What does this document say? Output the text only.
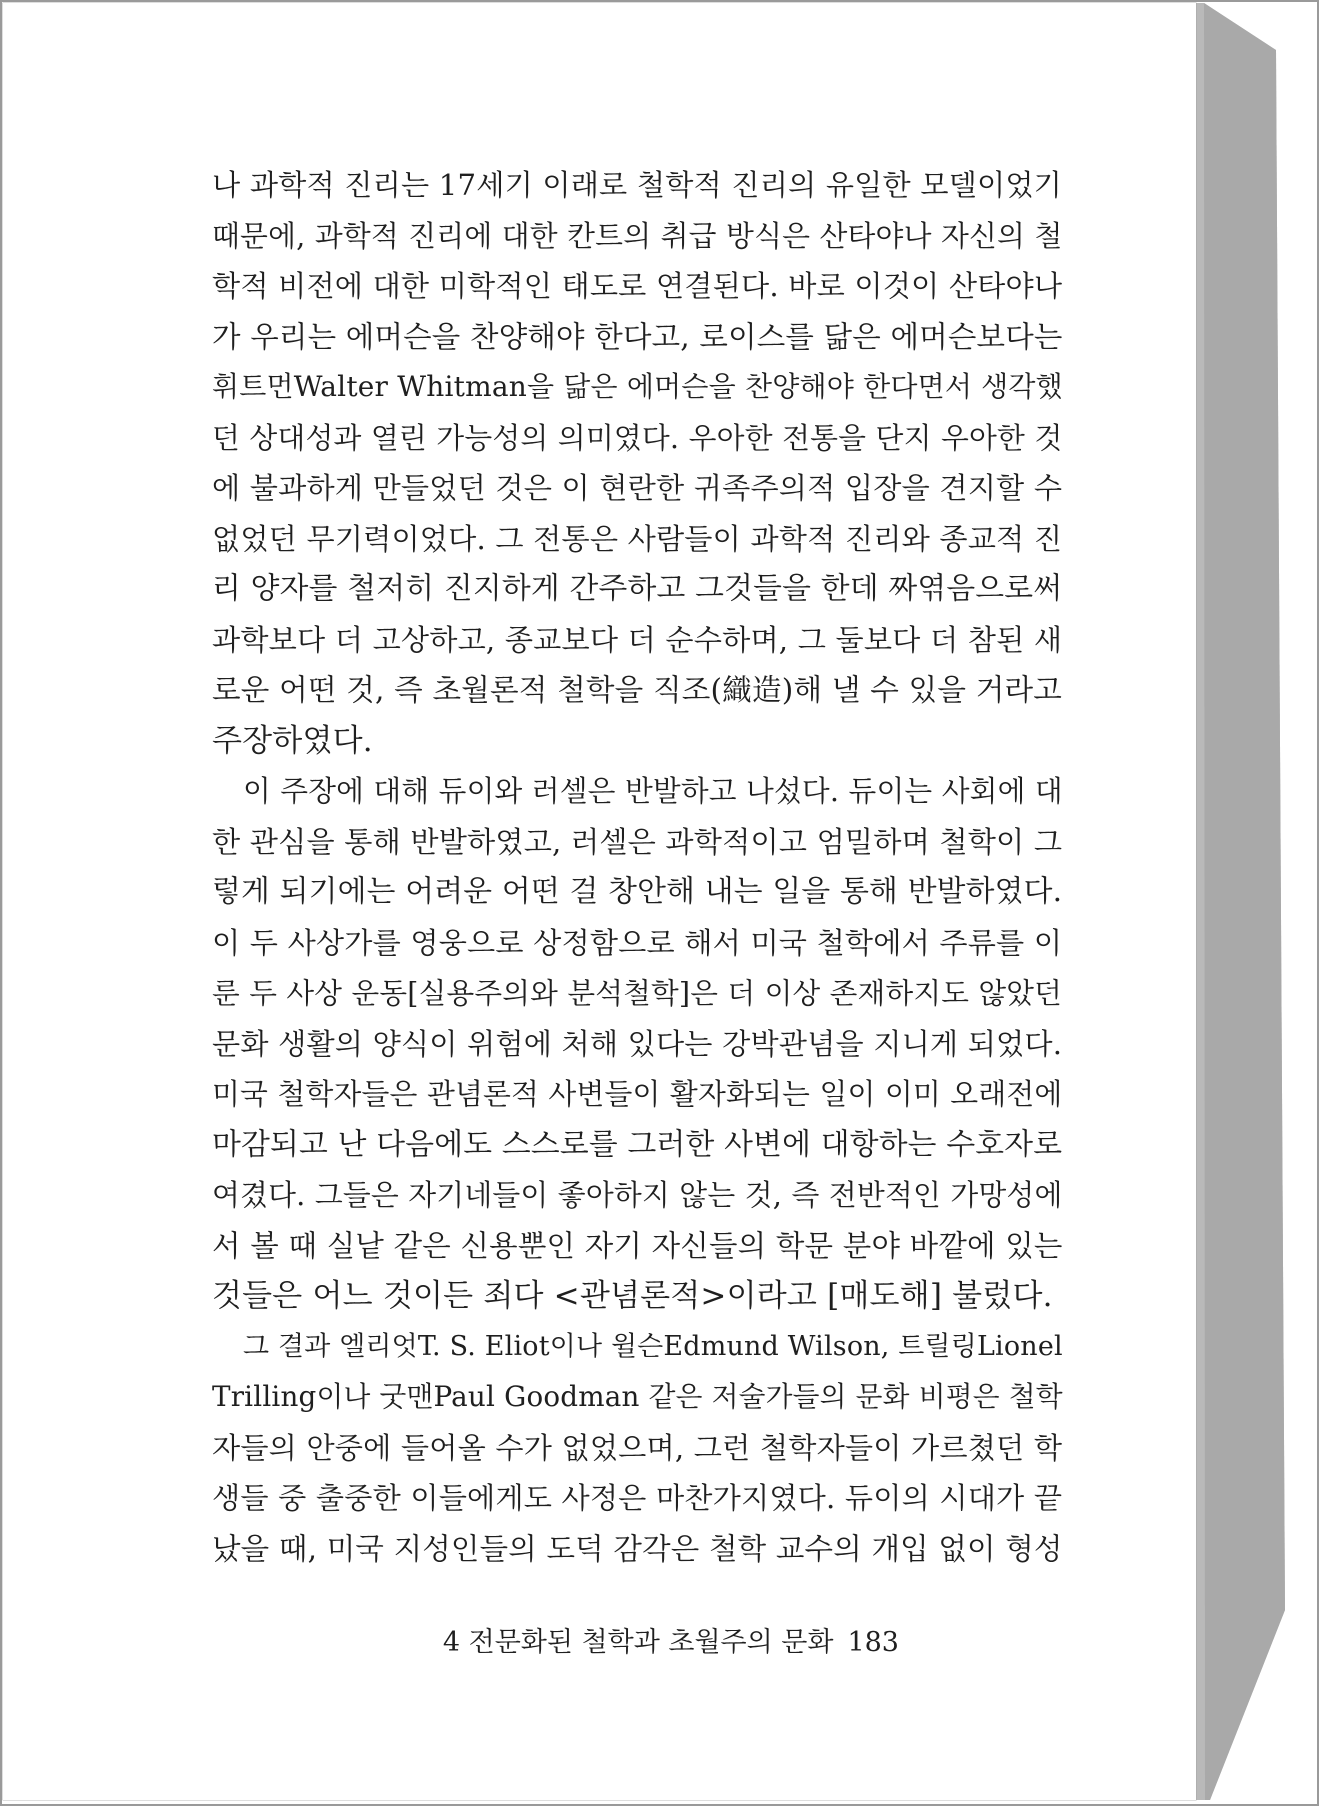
나 과학적 진리는 17세기 이래로 철학적 진리의 유일한 모델이었기
때문에, 과학적 진리에 대한 칸트의 취급 방식은 산타야나 자신의 철
학적 비전에 대한 미학적인 태도로 연결된다. 바로 이것이 산타야나
가 우리는 에머슨을 찬양해야 한다고, 로이스를 닮은 에머슨보다는
휘트먼Walter Whitman을 닮은 에머슨을 찬양해야 한다면서 생각했
던 상대성과 열린 가능성의 의미였다. 우아한 전통을 단지 우아한 것
에 불과하게 만들었던 것은 이 현란한 귀족주의적 입장을 견지할 수
없었던 무기력이었다. 그 전통은 사람들이 과학적 진리와 종교적 진
리 양자를 철저히 진지하게 간주하고 그것들을 한데 짜엮음으로써
과학보다 더 고상하고, 종교보다 더 순수하며, 그 둘보다 더 참된 새
로운 어떤 것, 즉 초월론적 철학을 직조(織造)해 낼 수 있을 거라고
주장하였다.
이 주장에 대해 듀이와 러셀은 반발하고 나섰다. 듀이는 사회에 대
한 관심을 통해 반발하였고, 러셀은 과학적이고 엄밀하며 철학이 그
렇게 되기에는 어려운 어떤 걸 창안해 내는 일을 통해 반발하였다.
이 두 사상가를 영웅으로 상정함으로 해서 미국 철학에서 주류를 이
룬 두 사상 운동[실용주의와 분석철학]은 더 이상 존재하지도 않았던
문화 생활의 양식이 위험에 처해 있다는 강박관념을 지니게 되었다.
미국 철학자들은 관념론적 사변들이 활자화되는 일이 이미 오래전에
마감되고 난 다음에도 스스로를 그러한 사변에 대항하는 수호자로
여겼다. 그들은 자기네들이 좋아하지 않는 것, 즉 전반적인 가망성에
서 볼 때 실낱 같은 신용뿐인 자기 자신들의 학문 분야 바깥에 있는
것들은 어느 것이든 죄다 <관념론적>이라고 [매도해] 불렀다.
그 결과 엘리엇T. S. Eliot이나 윌슨Edmund Wilson, 트릴링Lionel
Trilling이나 굿맨Paul Goodman 같은 저술가들의 문화 비평은 철학
자들의 안중에 들어올 수가 없었으며, 그런 철학자들이 가르쳤던 학
생들 중 출중한 이들에게도 사정은 마찬가지였다. 듀이의 시대가 끝
났을 때, 미국 지성인들의 도덕 감각은 철학 교수의 개입 없이 형성
4 전문화된 철학과 초월주의 문화 183
